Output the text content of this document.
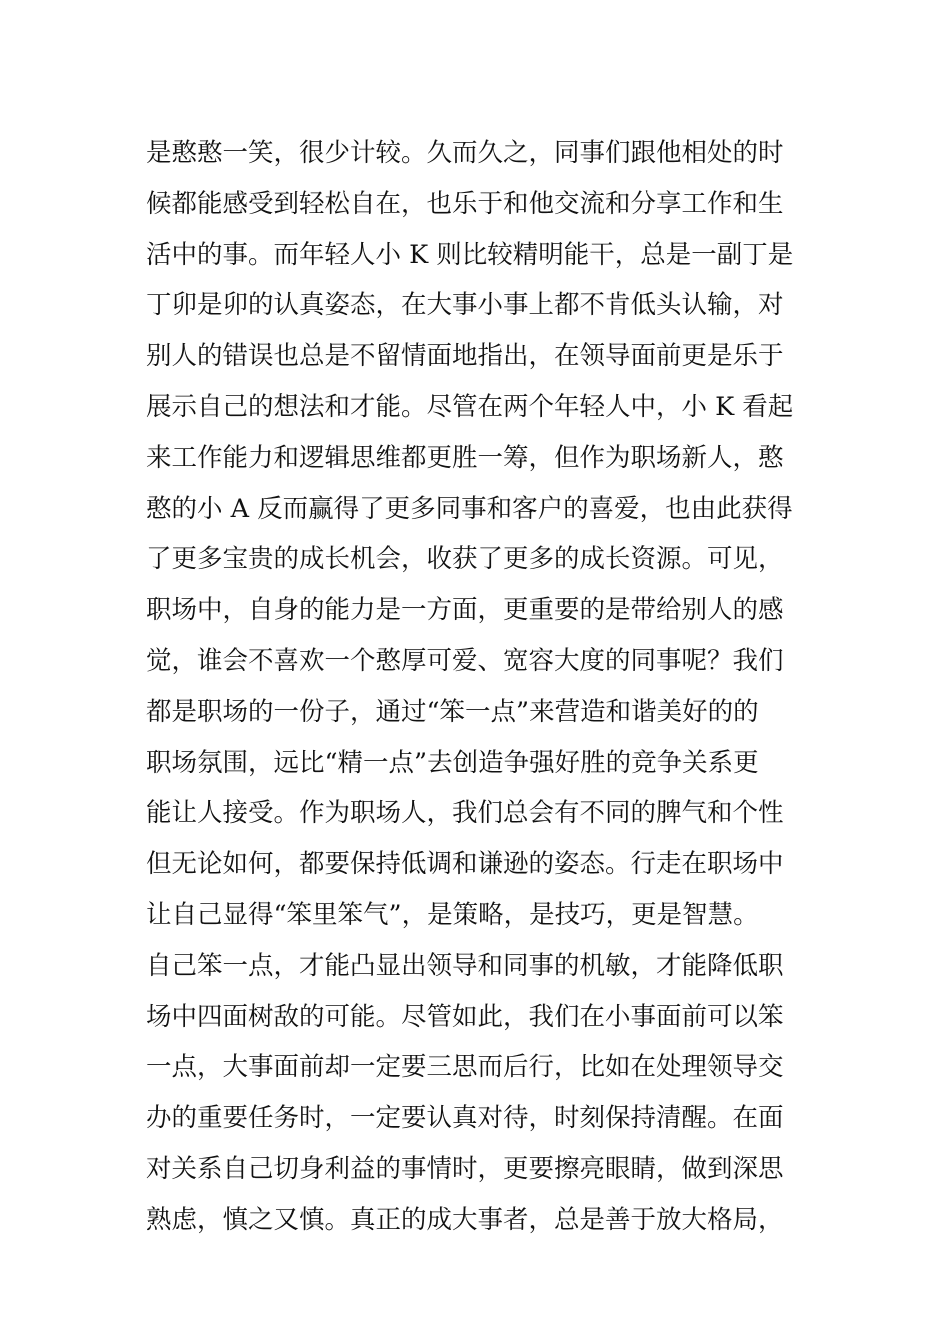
是憨憨一笑，很少计较。久而久之，同事们跟他相处的时
候都能感受到轻松自在，也乐于和他交流和分享工作和生
活中的事。而年轻人小 K 则比较精明能干，总是一副丁是
丁卯是卯的认真姿态，在大事小事上都不肯低头认输，对
别人的错误也总是不留情面地指出，在领导面前更是乐于
展示自己的想法和才能。尽管在两个年轻人中，小 K 看起
来工作能力和逻辑思维都更胜一筹，但作为职场新人，憨
憨的小 A 反而赢得了更多同事和客户的喜爱，也由此获得
了更多宝贵的成长机会，收获了更多的成长资源。可见，
职场中，自身的能力是一方面，更重要的是带给别人的感
觉，谁会不喜欢一个憨厚可爱、宽容大度的同事呢？我们
都是职场的一份子，通过“笨一点”来营造和谐美好的的
职场氛围，远比“精一点”去创造争强好胜的竞争关系更
能让人接受。作为职场人，我们总会有不同的脾气和个性
但无论如何，都要保持低调和谦逊的姿态。行走在职场中
让自己显得“笨里笨气”，是策略，是技巧，更是智慧。
自己笨一点，才能凸显出领导和同事的机敏，才能降低职
场中四面树敌的可能。尽管如此，我们在小事面前可以笨
一点，大事面前却一定要三思而后行，比如在处理领导交
办的重要任务时，一定要认真对待，时刻保持清醒。在面
对关系自己切身利益的事情时，更要擦亮眼睛，做到深思
熟虑，慎之又慎。真正的成大事者，总是善于放大格局，
